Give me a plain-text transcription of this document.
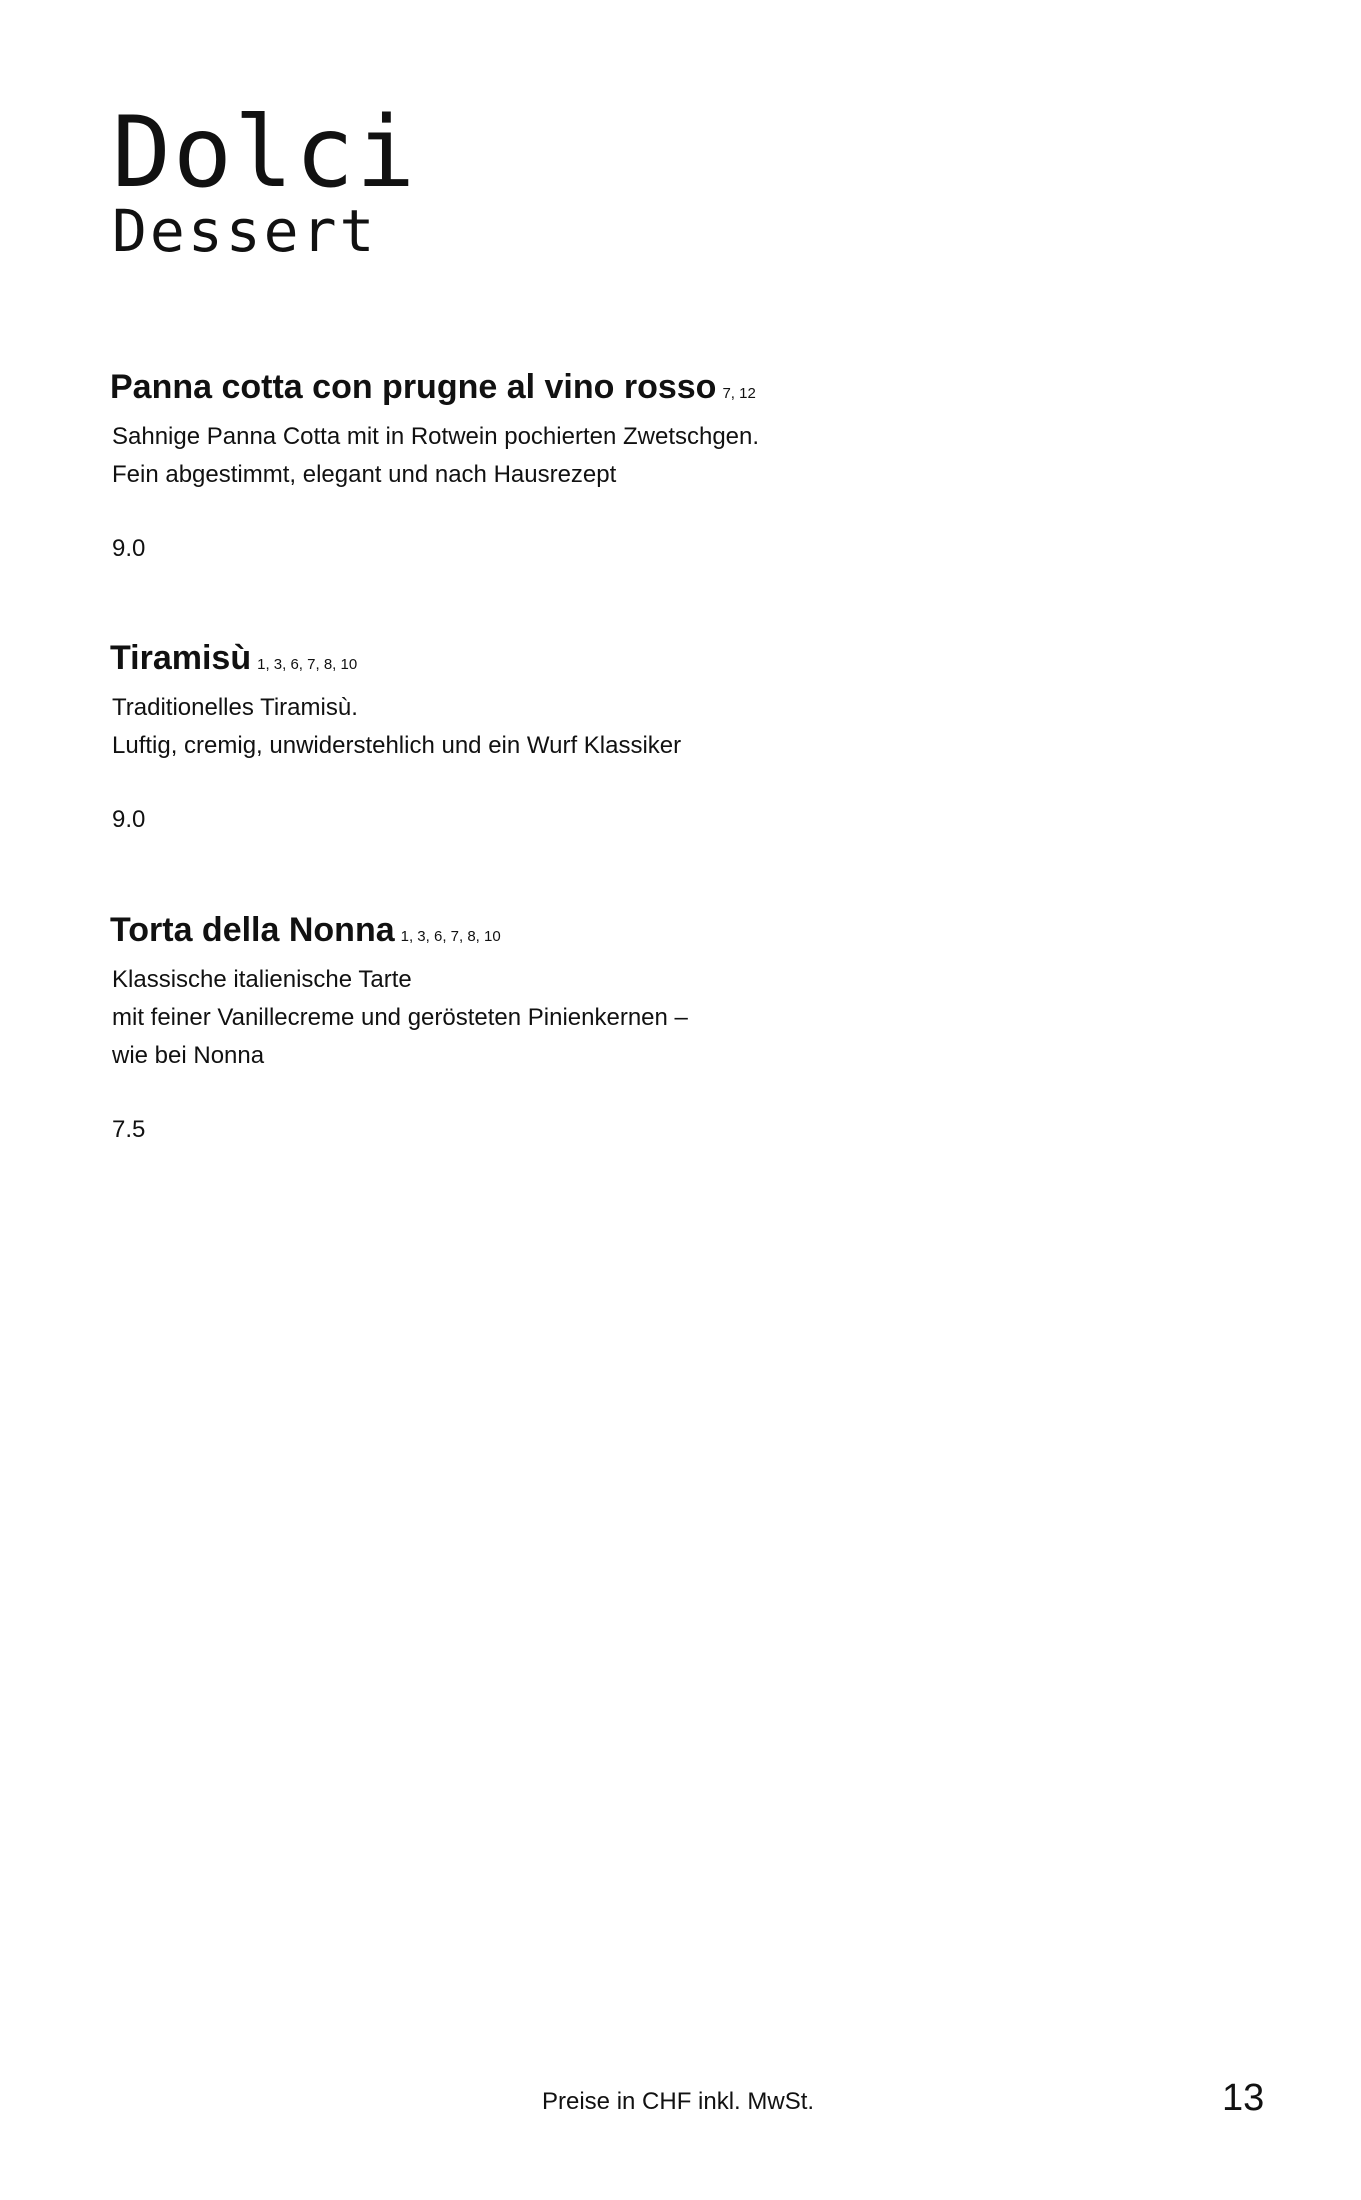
Dolci
Dessert
Panna cotta con prugne al vino rosso 7, 12
Sahnige Panna Cotta mit in Rotwein pochierten Zwetschgen.
Fein abgestimmt, elegant und nach Hausrezept
9.0
Tiramisù 1, 3, 6, 7, 8, 10
Traditionelles Tiramisù.
Luftig, cremig, unwiderstehlich und ein Wurf Klassiker
9.0
Torta della Nonna 1, 3, 6, 7, 8, 10
Klassische italienische Tarte
mit feiner Vanillecreme und gerösteten Pinienkernen –
wie bei Nonna
7.5
Preise in CHF inkl. MwSt.	13
